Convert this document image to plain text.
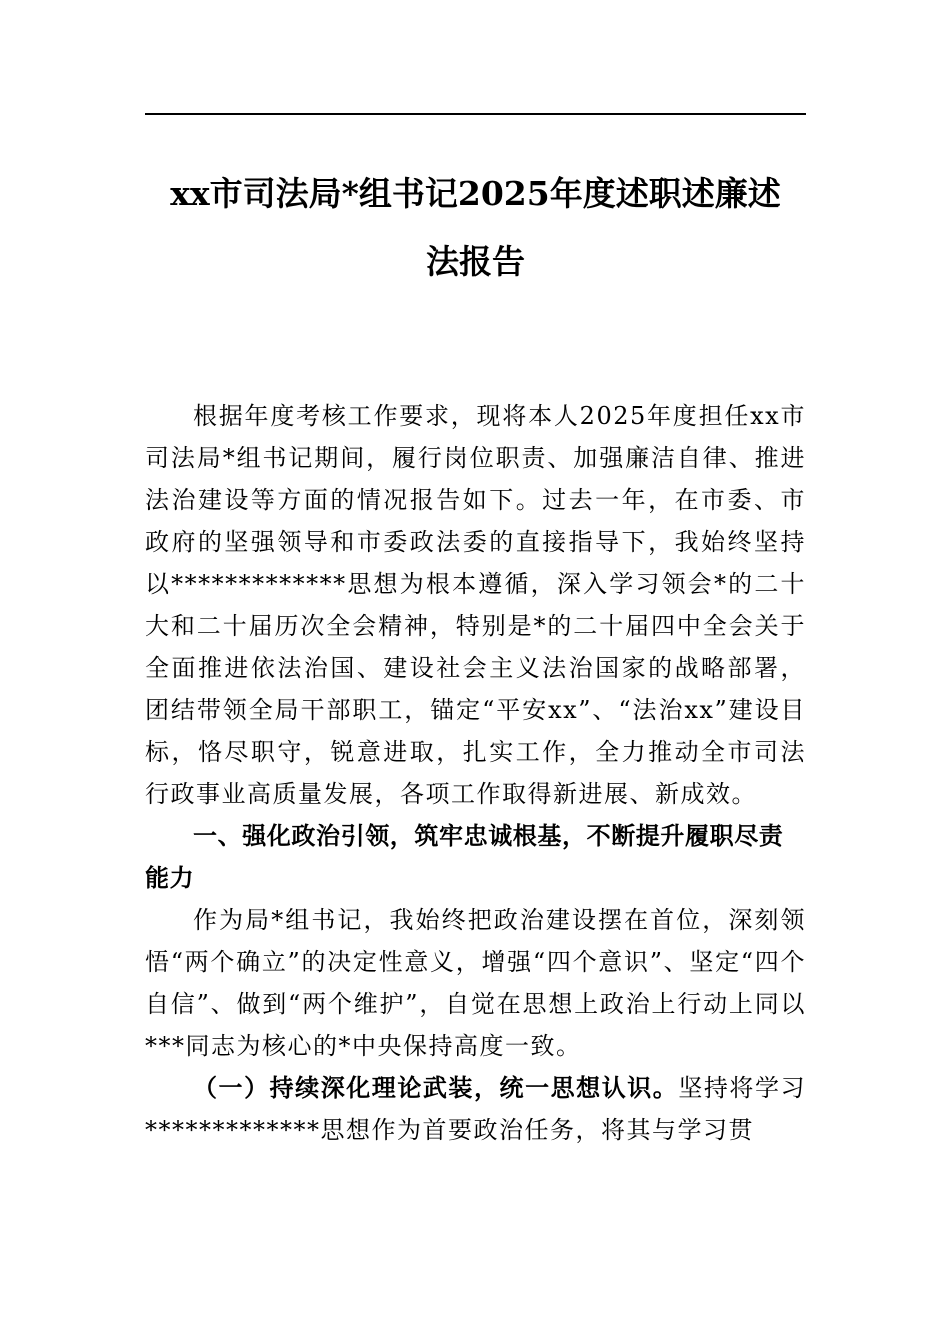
xx市司法局*组书记2025年度述职述廉述
法报告

根据年度考核工作要求，现将本人2025年度担任xx市司法局*组书记期间，履行岗位职责、加强廉洁自律、推进法治建设等方面的情况报告如下。过去一年，在市委、市政府的坚强领导和市委政法委的直接指导下，我始终坚持以*************思想为根本遵循，深入学习领会*的二十大和二十届历次全会精神，特别是*的二十届四中全会关于全面推进依法治国、建设社会主义法治国家的战略部署，团结带领全局干部职工，锚定“平安xx”、“法治xx”建设目标，恪尽职守，锐意进取，扎实工作，全力推动全市司法行政事业高质量发展，各项工作取得新进展、新成效。

一、强化政治引领，筑牢忠诚根基，不断提升履职尽责能力

作为局*组书记，我始终把政治建设摆在首位，深刻领悟“两个确立”的决定性意义，增强“四个意识”、坚定“四个自信”、做到“两个维护”，自觉在思想上政治上行动上同以***同志为核心的*中央保持高度一致。

（一）持续深化理论武装，统一思想认识。坚持将学习*************思想作为首要政治任务，将其与学习贯
